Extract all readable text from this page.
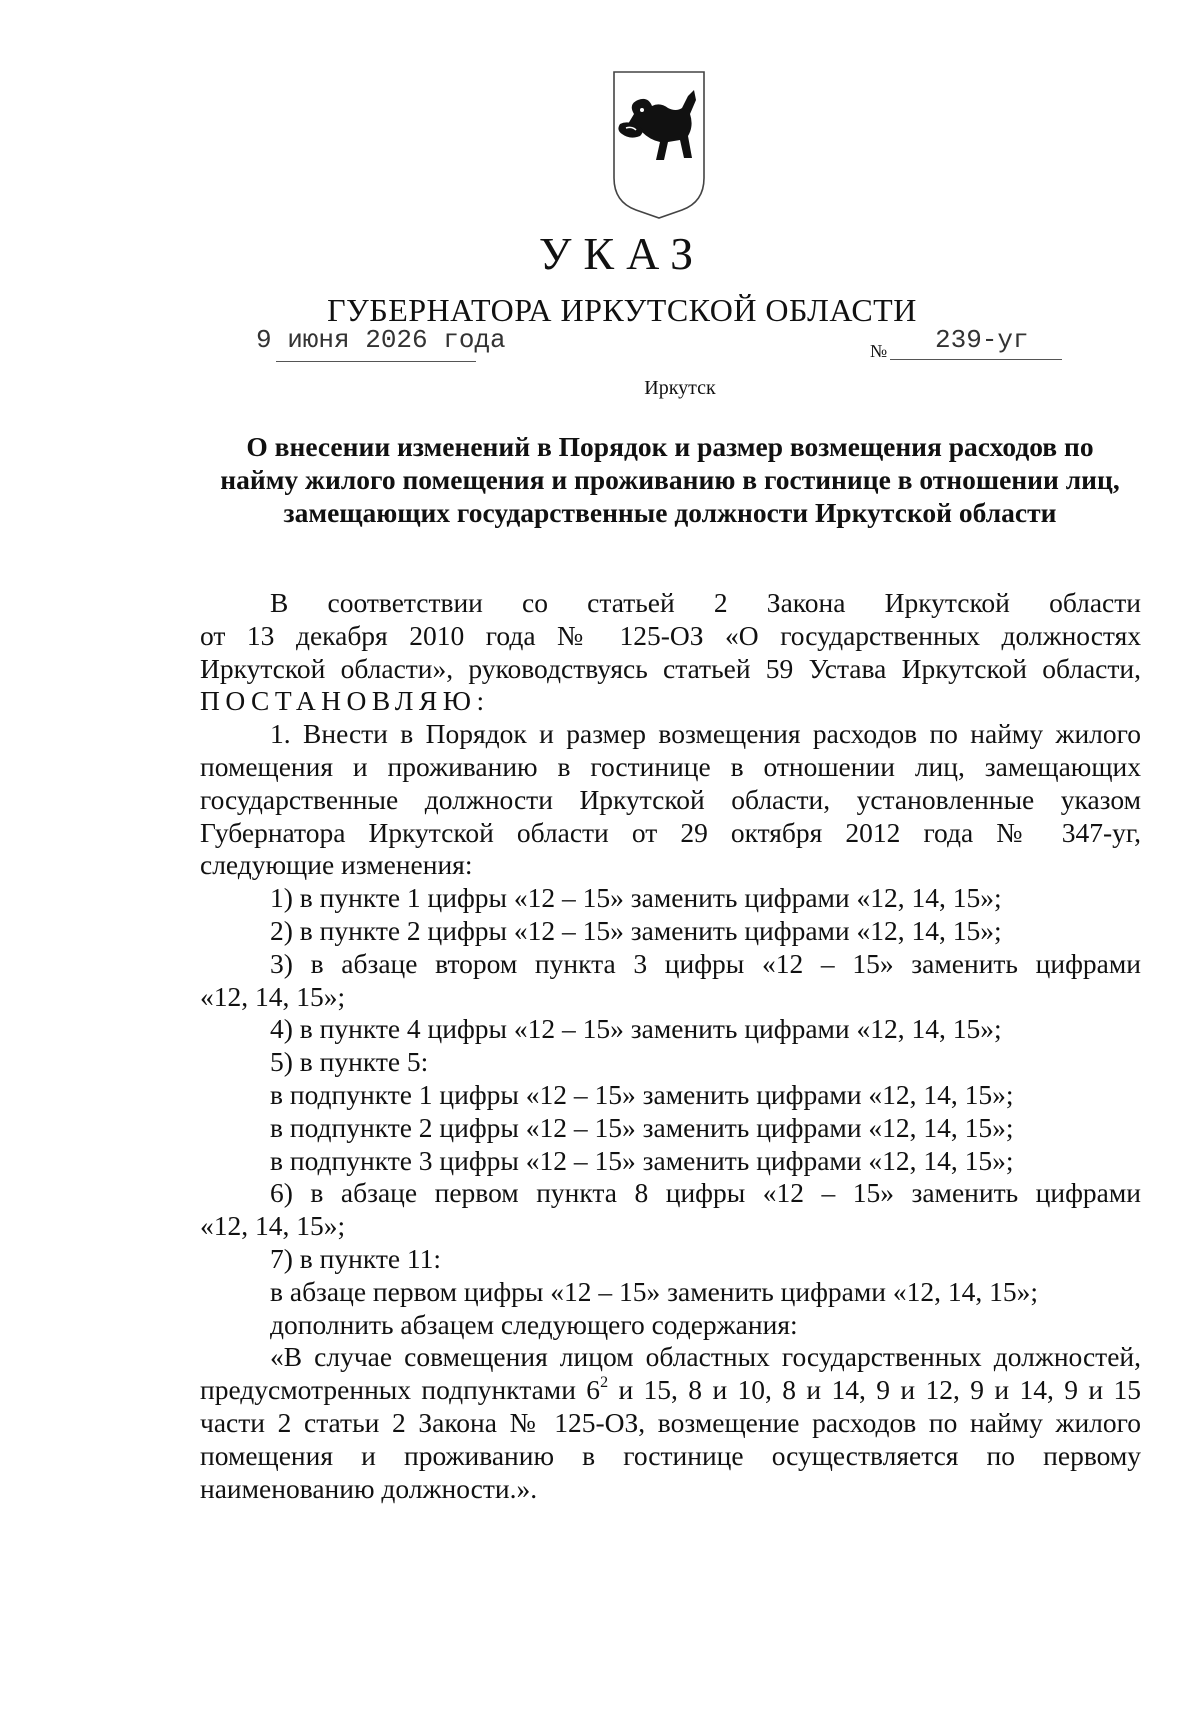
УКАЗ
ГУБЕРНАТОРА ИРКУТСКОЙ ОБЛАСТИ
9 июня 2026 года	№ 239-уг
Иркутск
О внесении изменений в Порядок и размер возмещения расходов по
найму жилого помещения и проживанию в гостинице в отношении лиц,
замещающих государственные должности Иркутской области
В соответствии со статьей 2 Закона Иркутской области
от 13 декабря 2010 года № 125-ОЗ «О государственных должностях
Иркутской области», руководствуясь статьей 59 Устава Иркутской области,
ПОСТАНОВЛЯЮ:
1. Внести в Порядок и размер возмещения расходов по найму жилого
помещения и проживанию в гостинице в отношении лиц, замещающих
государственные должности Иркутской области, установленные указом
Губернатора Иркутской области от 29 октября 2012 года № 347-уг,
следующие изменения:
1) в пункте 1 цифры «12 – 15» заменить цифрами «12, 14, 15»;
2) в пункте 2 цифры «12 – 15» заменить цифрами «12, 14, 15»;
3) в абзаце втором пункта 3 цифры «12 – 15» заменить цифрами
«12, 14, 15»;
4) в пункте 4 цифры «12 – 15» заменить цифрами «12, 14, 15»;
5) в пункте 5:
в подпункте 1 цифры «12 – 15» заменить цифрами «12, 14, 15»;
в подпункте 2 цифры «12 – 15» заменить цифрами «12, 14, 15»;
в подпункте 3 цифры «12 – 15» заменить цифрами «12, 14, 15»;
6) в абзаце первом пункта 8 цифры «12 – 15» заменить цифрами
«12, 14, 15»;
7) в пункте 11:
в абзаце первом цифры «12 – 15» заменить цифрами «12, 14, 15»;
дополнить абзацем следующего содержания:
«В случае совмещения лицом областных государственных должностей,
предусмотренных подпунктами $6^2$ и 15, 8 и 10, 8 и 14, 9 и 12, 9 и 14, 9 и 15
части 2 статьи 2 Закона № 125-ОЗ, возмещение расходов по найму жилого
помещения и проживанию в гостинице осуществляется по первому
наименованию должности.».
